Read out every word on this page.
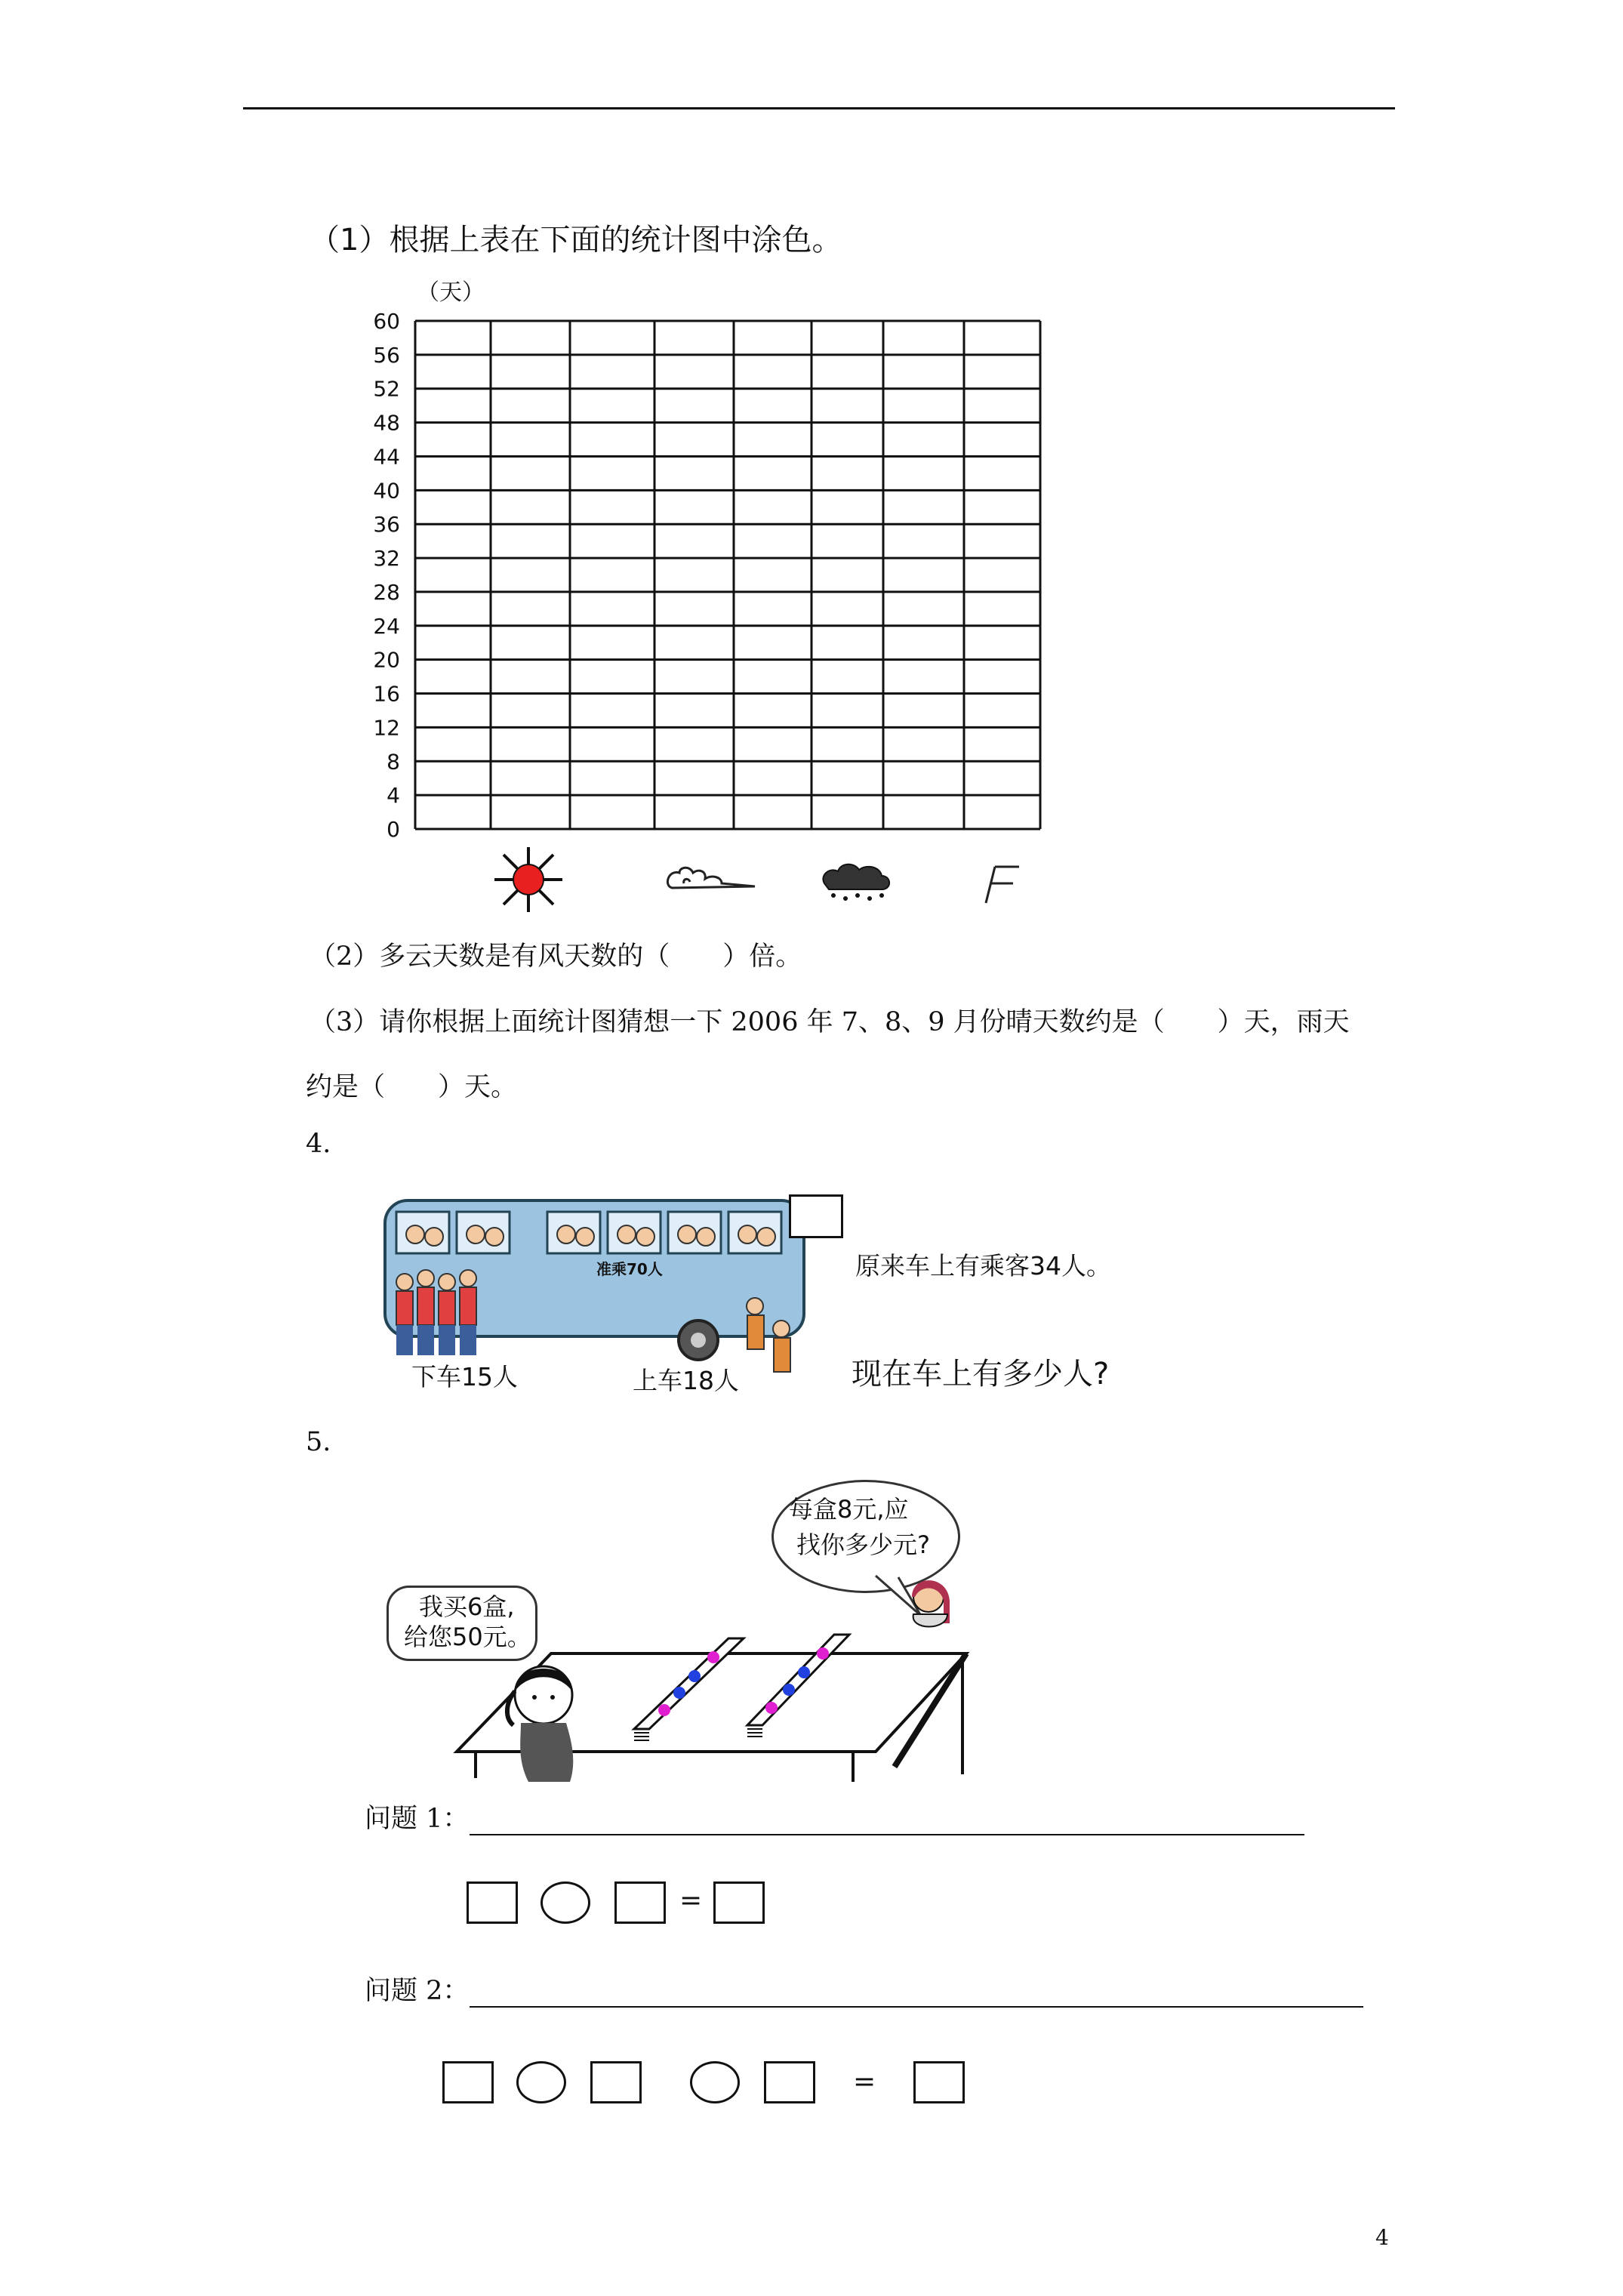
（1）根据上表在下面的统计图中涂色。
（天）
0
4
8
12
16
20
24
28
32
36
40
44
48
52
56
60
（2）多云天数是有风天数的（　　）倍。
（3）请你根据上面统计图猜想一下 2006 年 7、8、9 月份晴天数约是（　　）天，雨天
约是（　　）天。
4.
准乘70人	原来车上有乘客34人。
下车15人	上车18人	现在车上有多少人?
5.
每盒8元,应
找你多少元?
我买6盒,
给您50元。
问题 1：
=
问题 2：
=
4
